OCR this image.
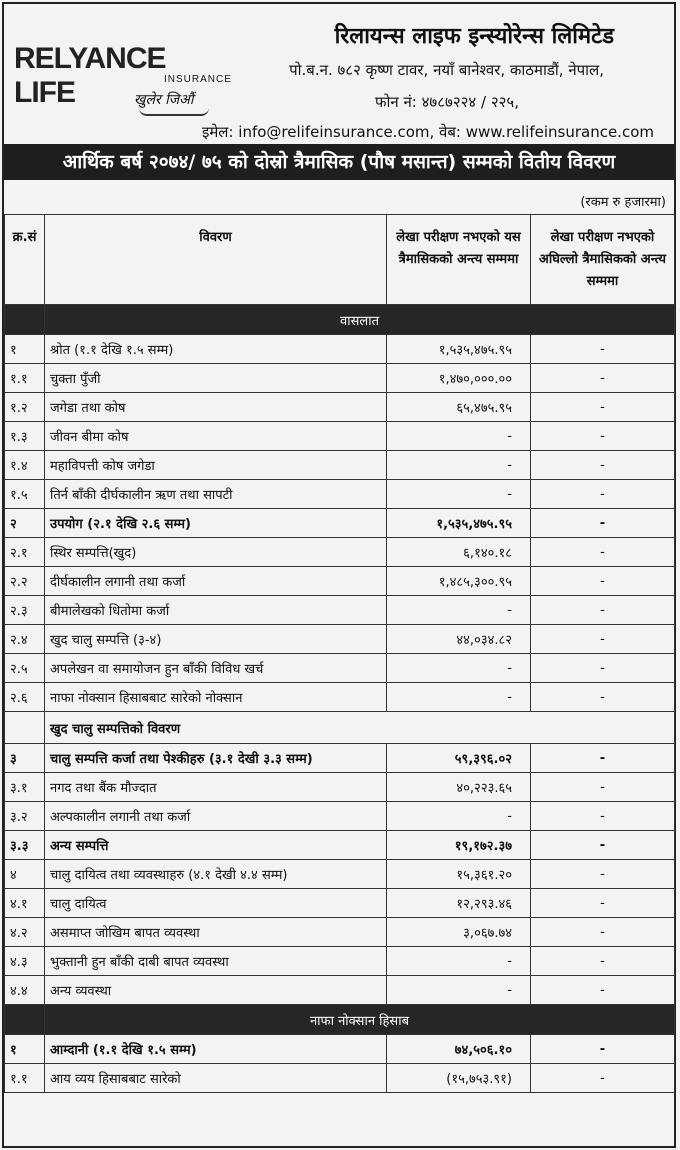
RELYANCE LIFE	INSURANCE
खुलेर जिऔं
रिलायन्स लाइफ इन्स्योरेन्स लिमिटेड
पो.ब.न. ७८२ कृष्ण टावर, नयाँ बानेश्वर, काठमाडौं, नेपाल,
फोन नं: ४७८७२२४ / २२५,
इमेल: info@relifeinsurance.com, वेब: www.relifeinsurance.com
आर्थिक बर्ष २०७४/ ७५ को दोस्रो त्रैमासिक (पौष मसान्त) सम्मको वितीय विवरण
(रकम रु हजारमा)
क्र.सं	विवरण	लेखा परीक्षण नभएको यस त्रैमासिकको अन्त्य सम्ममा	लेखा परीक्षण नभएको अघिल्लो त्रैमासिकको अन्त्य सम्ममा
	वासलात		
१	श्रोत (१.१ देखि १.५ सम्म)	१,५३५,४७५.९५	-
१.१	चुक्ता पुँजी	१,४७०,०००.००	-
१.२	जगेडा तथा कोष	६५,४७५.९५	-
१.३	जीवन बीमा कोष	-	-
१.४	महाविपत्ती कोष जगेडा	-	-
१.५	तिर्न बाँकी दीर्घकालीन ऋण तथा सापटी	-	-
२	उपयोग (२.१ देखि २.६ सम्म)	१,५३५,४७५.९५	-
२.१	स्थिर सम्पत्ति(खुद)	६,१४०.१८	-
२.२	दीर्घकालीन लगानी तथा कर्जा	१,४८५,३००.९५	-
२.३	बीमालेखको धितोमा कर्जा	-	-
२.४	खुद चालु सम्पत्ति (३-४)	४४,०३४.८२	-
२.५	अपलेखन वा समायोजन हुन बाँकी विविध खर्च	-	-
२.६	नाफा नोक्सान हिसाबबाट सारेको नोक्सान	-	-
	खुद चालु सम्पत्तिको विवरण		
३	चालु सम्पत्ति कर्जा तथा पेश्कीहरु (३.१ देखी ३.३ सम्म)	५९,३९६.०२	-
३.१	नगद तथा बैंक मौज्दात	४०,२२३.६५	-
३.२	अल्पकालीन लगानी तथा कर्जा	-	-
३.३	अन्य सम्पत्ति	१९,१७२.३७	-
४	चालु दायित्व तथा व्यवस्थाहरु (४.१ देखी ४.४ सम्म)	१५,३६१.२०	-
४.१	चालु दायित्व	१२,२९३.४६	-
४.२	असमाप्त जोखिम बापत व्यवस्था	३,०६७.७४	-
४.३	भुक्तानी हुन बाँकी दाबी बापत व्यवस्था	-	-
४.४	अन्य व्यवस्था	-	-
	नाफा नोक्सान हिसाब		
१	आम्दानी (१.१ देखि १.५ सम्म)	७४,५०६.१०	-
१.१	आय व्यय हिसाबबाट सारेको	(१५,७५३.९१)	-
